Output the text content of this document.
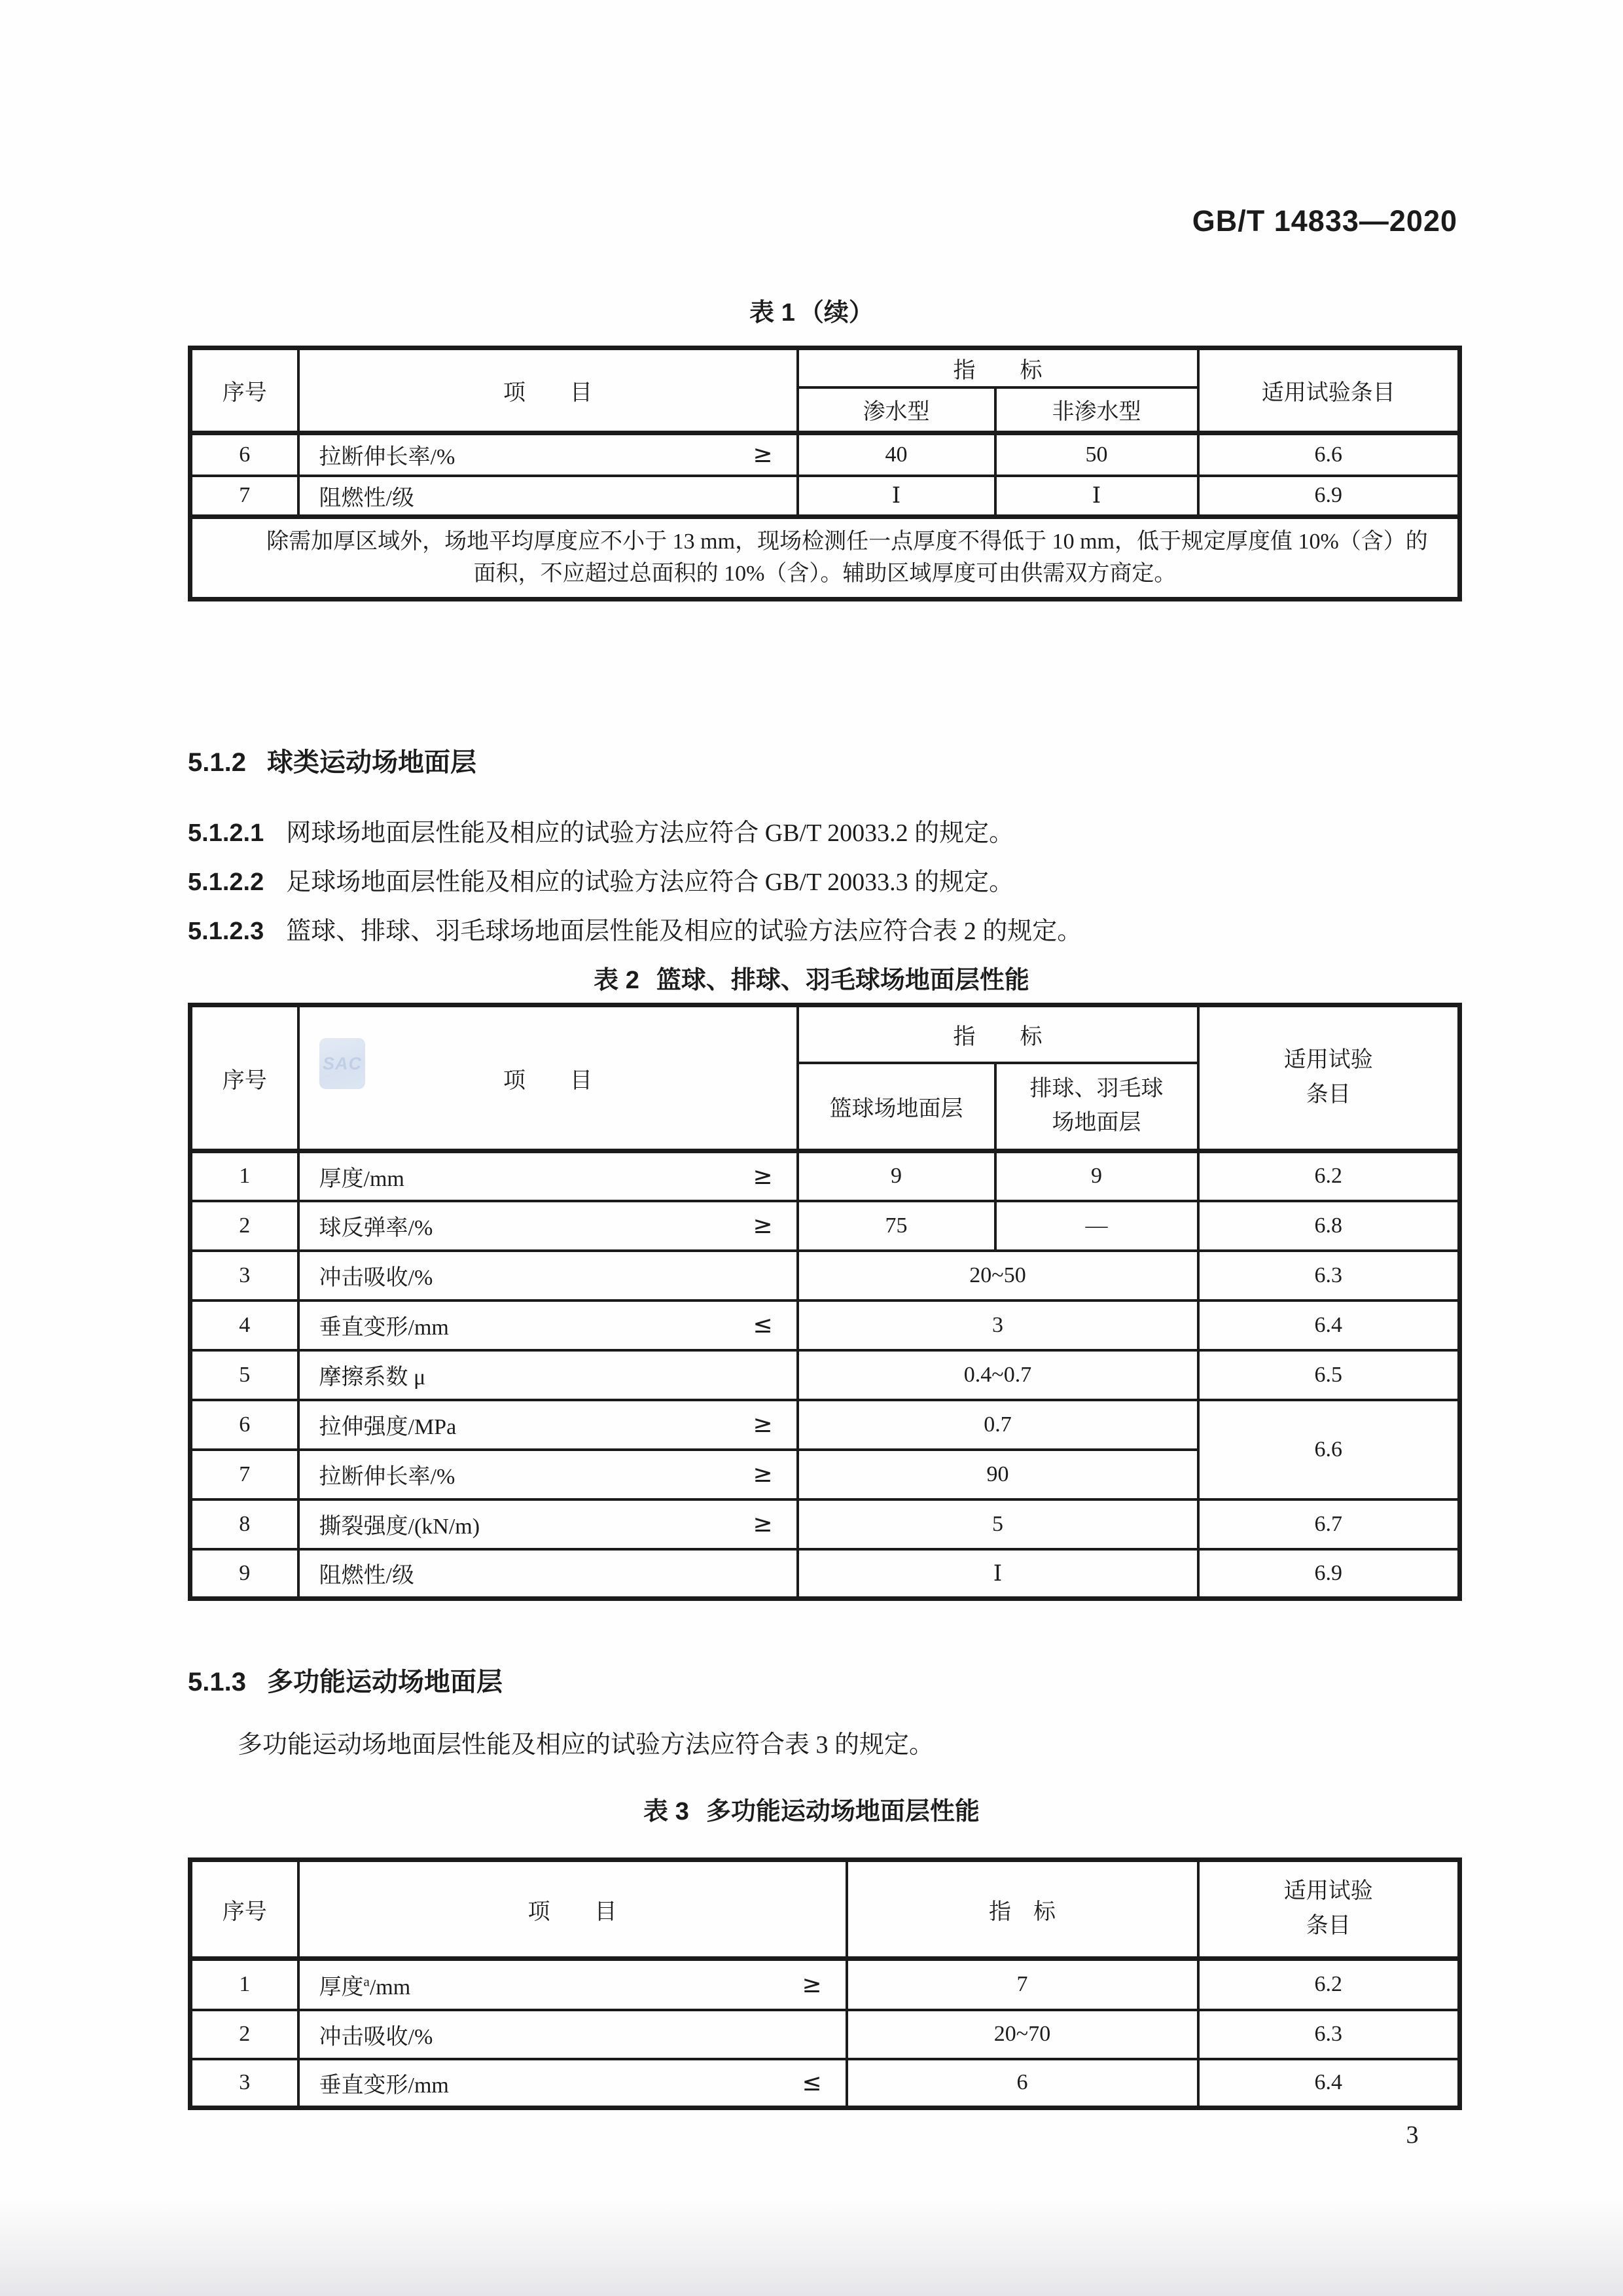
GB/T 14833—2020
表 1 （续）
序号	项　　目	指　　标		适用试验条目
		渗水型	非渗水型	
6	拉断伸长率/% ≥	40	50	6.6
7	阻燃性/级	Ⅰ	Ⅰ	6.9

除需加厚区域外，场地平均厚度应不小于 13 mm，现场检测任一点厚度不得低于 10 mm，低于规定厚度值 10%（含）的面积，不应超过总面积的 10%（含）。辅助区域厚度可由供需双方商定。				

5.1.2 球类运动场地面层
5.1.2.1 网球场地面层性能及相应的试验方法应符合 GB/T 20033.2 的规定。
5.1.2.2 足球场地面层性能及相应的试验方法应符合 GB/T 20033.3 的规定。
5.1.2.3 篮球、排球、羽毛球场地面层性能及相应的试验方法应符合表 2 的规定。
表 2 篮球、排球、羽毛球场地面层性能
序号	项　　目	指　　标		适用试验
条目

		篮球场地面层	排球、羽毛球
场地面层	

1	厚度/mm ≥	9	9	6.2
2	球反弹率/% ≥	75	—	6.8
3	冲击吸收/%	20~50		6.3
4	垂直变形/mm ≤	3		6.4
5	摩擦系数 μ	0.4~0.7		6.5
6	拉伸强度/MPa ≥	0.7		6.6
7	拉断伸长率/% ≥	90		
8	撕裂强度/(kN/m) ≥	5		6.7
9	阻燃性/级	Ⅰ		6.9
5.1.3 多功能运动场地面层
多功能运动场地面层性能及相应的试验方法应符合表 3 的规定。
表 3 多功能运动场地面层性能
序号	项　　目	指　标	适用试验
条目

1	厚度$^a$/mm ≥	7	6.2
2	冲击吸收/%	20~70	6.3
3	垂直变形/mm ≤	6	6.4
SAC
3
